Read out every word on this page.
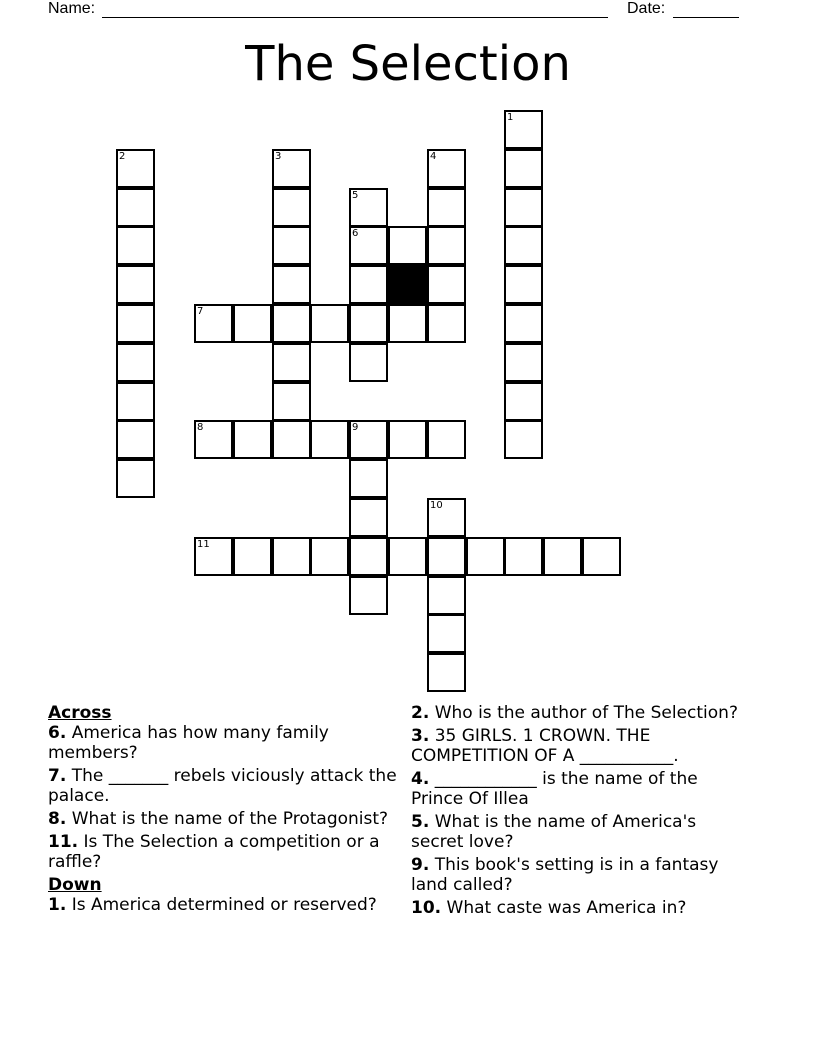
Name:	Date:
The Selection
1
2	3	4
5
6
7
8	9
10
11
Across
6. America has how many family members?
7. The _______ rebels viciously attack the palace.
8. What is the name of the Protagonist?
11. Is The Selection a competition or a raffle?
Down
1. Is America determined or reserved?
2. Who is the author of The Selection?
3. 35 GIRLS. 1 CROWN. THE COMPETITION OF A ___________.
4. ____________ is the name of the Prince Of Illea
5. What is the name of America's secret love?
9. This book's setting is in a fantasy land called?
10. What caste was America in?
